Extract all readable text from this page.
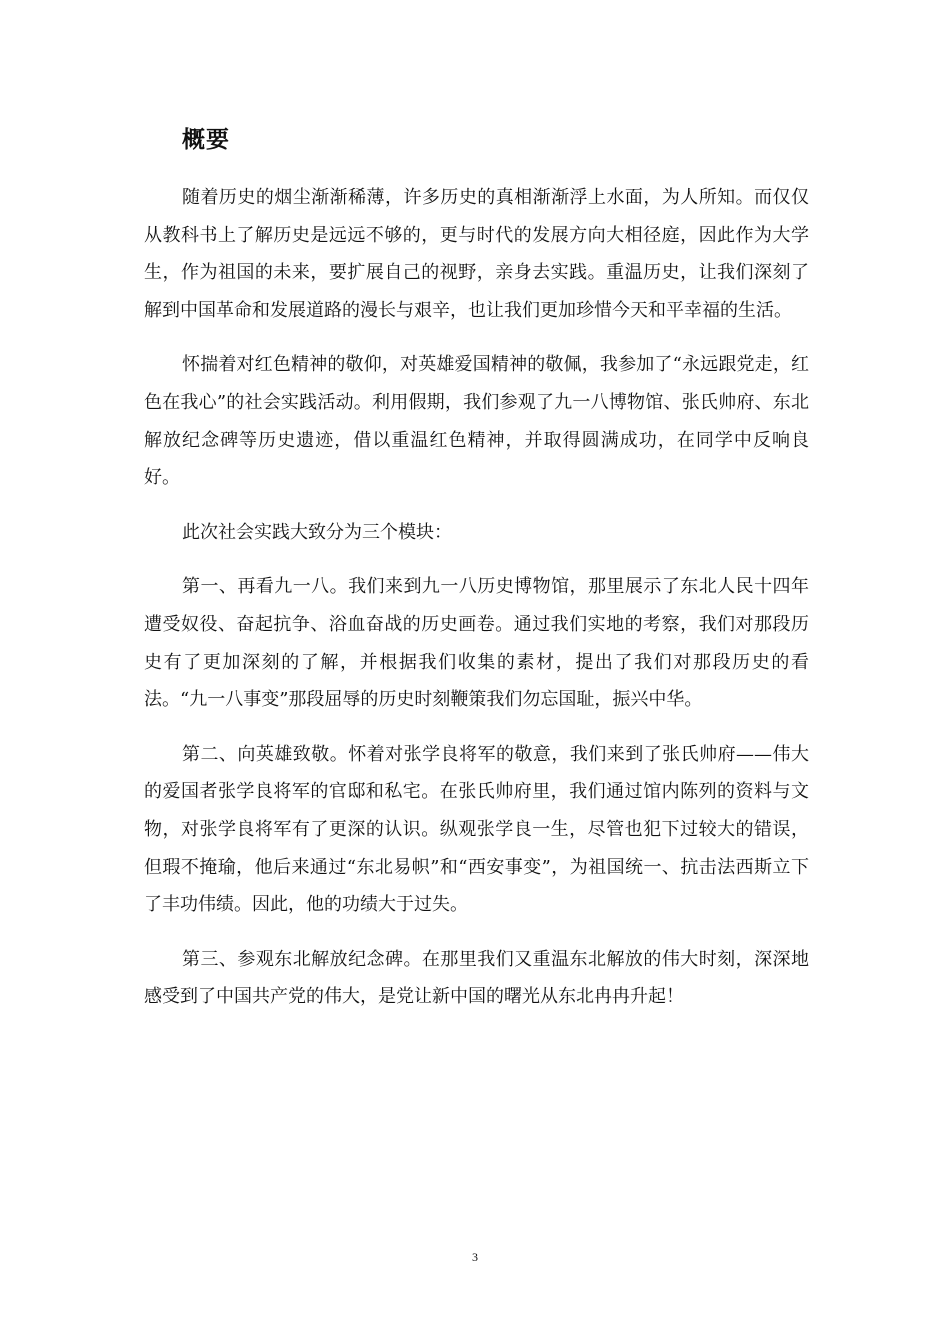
概要

随着历史的烟尘渐渐稀薄，许多历史的真相渐渐浮上水面，为人所知。而仅仅从教科书上了解历史是远远不够的，更与时代的发展方向大相径庭，因此作为大学生，作为祖国的未来，要扩展自己的视野，亲身去实践。重温历史，让我们深刻了解到中国革命和发展道路的漫长与艰辛，也让我们更加珍惜今天和平幸福的生活。

怀揣着对红色精神的敬仰，对英雄爱国精神的敬佩，我参加了“永远跟党走，红色在我心”的社会实践活动。利用假期，我们参观了九一八博物馆、张氏帅府、东北解放纪念碑等历史遗迹，借以重温红色精神，并取得圆满成功，在同学中反响良好。

此次社会实践大致分为三个模块：

第一、再看九一八。我们来到九一八历史博物馆，那里展示了东北人民十四年遭受奴役、奋起抗争、浴血奋战的历史画卷。通过我们实地的考察，我们对那段历史有了更加深刻的了解，并根据我们收集的素材，提出了我们对那段历史的看法。“九一八事变”那段屈辱的历史时刻鞭策我们勿忘国耻，振兴中华。

第二、向英雄致敬。怀着对张学良将军的敬意，我们来到了张氏帅府——伟大的爱国者张学良将军的官邸和私宅。在张氏帅府里，我们通过馆内陈列的资料与文物，对张学良将军有了更深的认识。纵观张学良一生，尽管也犯下过较大的错误，但瑕不掩瑜，他后来通过“东北易帜”和“西安事变”，为祖国统一、抗击法西斯立下了丰功伟绩。因此，他的功绩大于过失。

第三、参观东北解放纪念碑。在那里我们又重温东北解放的伟大时刻，深深地感受到了中国共产党的伟大，是党让新中国的曙光从东北冉冉升起！

3
